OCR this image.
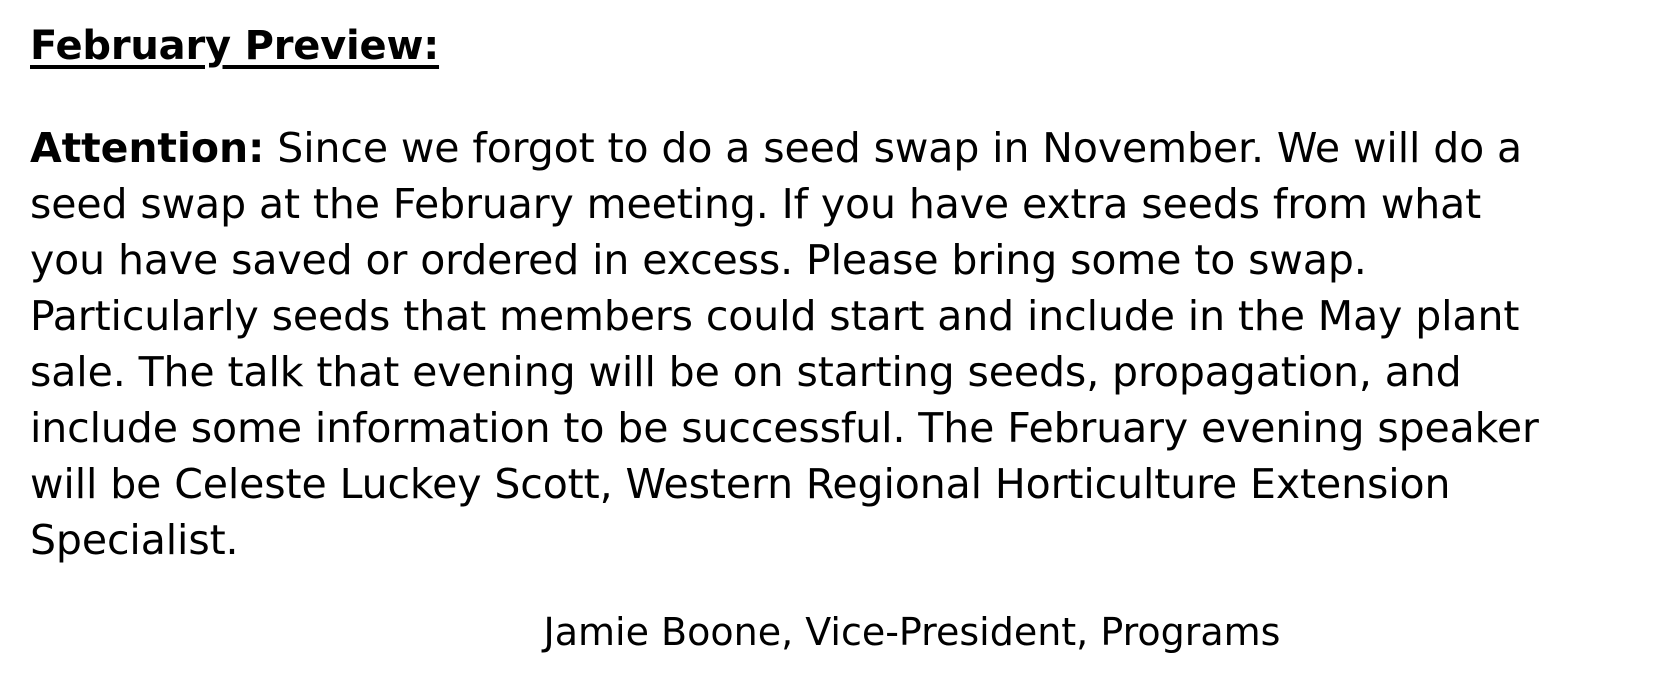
February Preview:

Attention: Since we forgot to do a seed swap in November. We will do a seed swap at the February meeting. If you have extra seeds from what you have saved or ordered in excess. Please bring some to swap. Particularly seeds that members could start and include in the May plant sale. The talk that evening will be on starting seeds, propagation, and include some information to be successful. The February evening speaker will be Celeste Luckey Scott, Western Regional Horticulture Extension Specialist.

Jamie Boone, Vice-President, Programs
